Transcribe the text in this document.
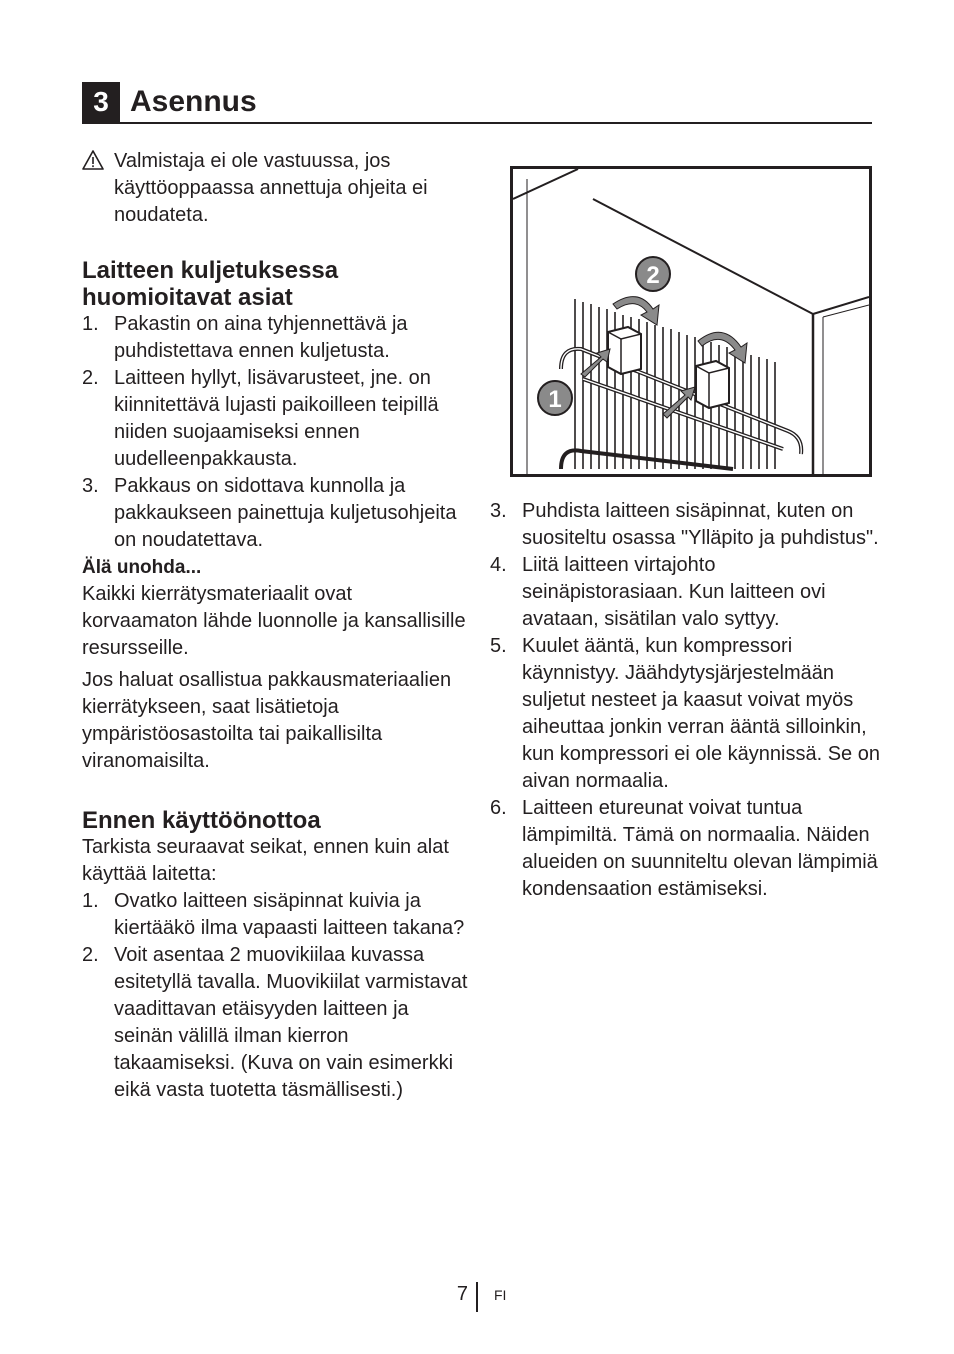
3 Asennus

Valmistaja ei ole vastuussa, jos käyttöoppaassa annettuja ohjeita ei noudateta.

Laitteen kuljetuksessa huomioitavat asiat
1. Pakastin on aina tyhjennettävä ja puhdistettava ennen kuljetusta.
2. Laitteen hyllyt, lisävarusteet, jne. on kiinnitettävä lujasti paikoilleen teipillä niiden suojaamiseksi ennen uudelleenpakkausta.
3. Pakkaus on sidottava kunnolla ja pakkaukseen painettuja kuljetusohjeita on noudatettava.

Älä unohda...

Kaikki kierrätysmateriaalit ovat korvaamaton lähde luonnolle ja kansallisille resursseille.

Jos haluat osallistua pakkausmateriaalien kierrätykseen, saat lisätietoja ympäristöosastoilta tai paikallisilta viranomaisilta.

Ennen käyttöönottoa

Tarkista seuraavat seikat, ennen kuin alat käyttää laitetta:

1. Ovatko laitteen sisäpinnat kuivia ja kiertääkö ilma vapaasti laitteen takana?
2. Voit asentaa 2 muovikiilaa kuvassa esitetyllä tavalla. Muovikiilat varmistavat vaadittavan etäisyyden laitteen ja seinän välillä ilman kierron takaamiseksi. (Kuva on vain esimerkki eikä vasta tuotetta täsmällisesti.)
2
1
3. Puhdista laitteen sisäpinnat, kuten on suositeltu osassa "Ylläpito ja puhdistus".
4. Liitä laitteen virtajohto seinäpistorasiaan. Kun laitteen ovi avataan, sisätilan valo syttyy.
5. Kuulet ääntä, kun kompressori käynnistyy. Jäähdytysjärjestelmään suljetut nesteet ja kaasut voivat myös aiheuttaa jonkin verran ääntä silloinkin, kun kompressori ei ole käynnissä. Se on aivan normaalia.
6. Laitteen etureunat voivat tuntua lämpimiltä. Tämä on normaalia. Näiden alueiden on suunniteltu olevan lämpimiä kondensaation estämiseksi.
7 FI
